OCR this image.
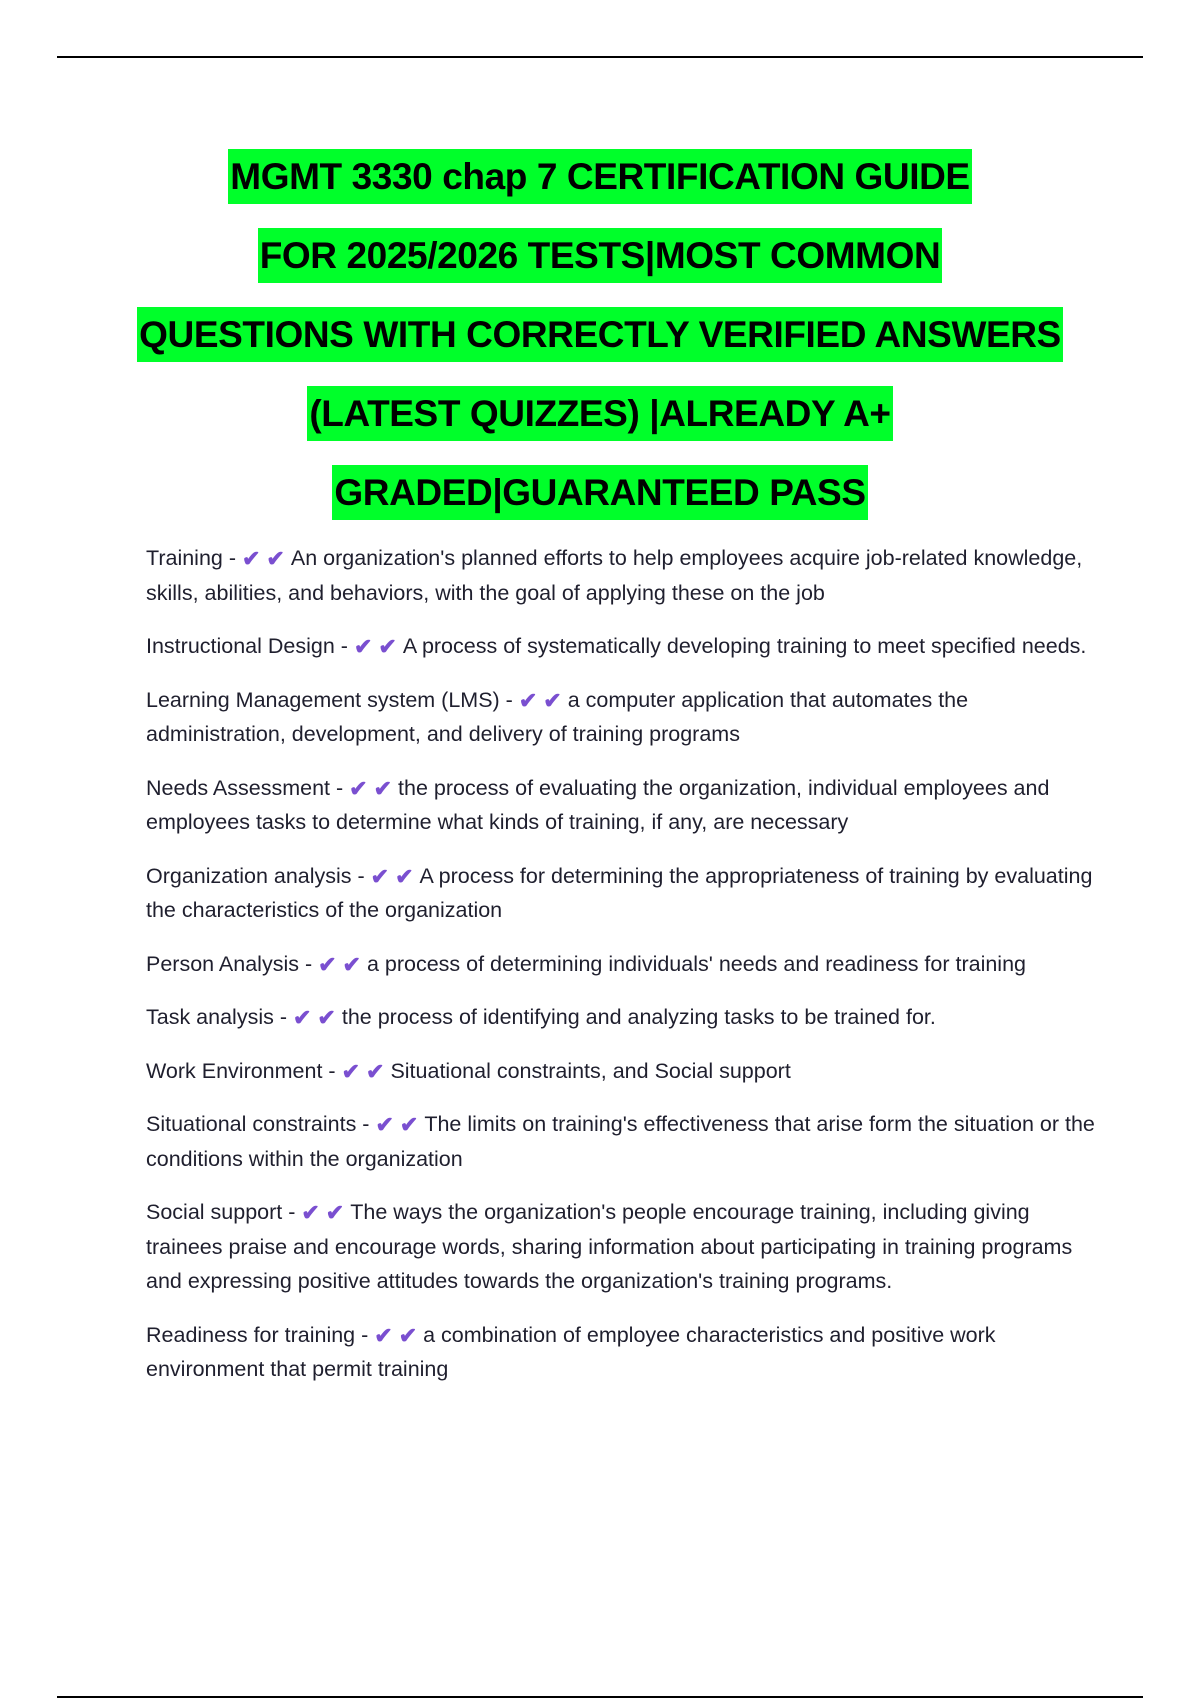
MGMT 3330 chap 7 CERTIFICATION GUIDE
FOR 2025/2026 TESTS|MOST COMMON
QUESTIONS WITH CORRECTLY VERIFIED ANSWERS
(LATEST QUIZZES) |ALREADY A+
GRADED|GUARANTEED PASS

Training - ✔ ✔ An organization's planned efforts to help employees acquire job-related knowledge, skills, abilities, and behaviors, with the goal of applying these on the job

Instructional Design - ✔ ✔ A process of systematically developing training to meet specified needs.

Learning Management system (LMS) - ✔ ✔ a computer application that automates the administration, development, and delivery of training programs

Needs Assessment - ✔ ✔ the process of evaluating the organization, individual employees and employees tasks to determine what kinds of training, if any, are necessary

Organization analysis - ✔ ✔ A process for determining the appropriateness of training by evaluating the characteristics of the organization

Person Analysis - ✔ ✔ a process of determining individuals' needs and readiness for training

Task analysis - ✔ ✔ the process of identifying and analyzing tasks to be trained for.

Work Environment - ✔ ✔ Situational constraints, and Social support

Situational constraints - ✔ ✔ The limits on training's effectiveness that arise form the situation or the conditions within the organization

Social support - ✔ ✔ The ways the organization's people encourage training, including giving trainees praise and encourage words, sharing information about participating in training programs and expressing positive attitudes towards the organization's training programs.

Readiness for training - ✔ ✔ a combination of employee characteristics and positive work environment that permit training
